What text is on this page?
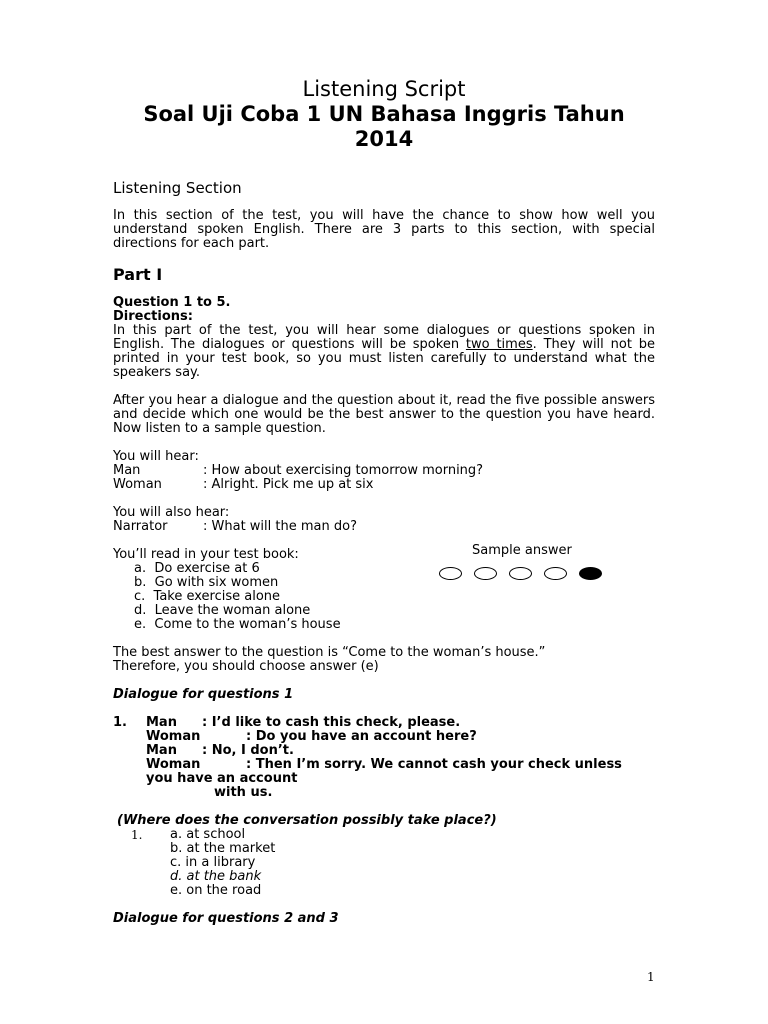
Listening Script
Soal Uji Coba 1 UN Bahasa Inggris Tahun
2014
Listening Section
In this section of the test, you will have the chance to show how well you understand spoken English. There are 3 parts to this section, with special directions for each part.
Part I
Question 1 to 5.
Directions:
In this part of the test, you will hear some dialogues or questions spoken in English. The dialogues or questions will be spoken two times. They will not be printed in your test book, so you must listen carefully to understand what the speakers say.
After you hear a dialogue and the question about it, read the five possible answers and decide which one would be the best answer to the question you have heard. Now listen to a sample question.
You will hear:
Man	: How about exercising tomorrow morning?
Woman	: Alright. Pick me up at six
You will also hear:
Narrator	: What will the man do?
You’ll read in your test book:
a.  Do exercise at 6
b.  Go with six women
c.  Take exercise alone
d.  Leave the woman alone
e.  Come to the woman’s house
Sample answer
The best answer to the question is “Come to the woman’s house.”
Therefore, you should choose answer (e)
Dialogue for questions 1
1. Man : I’d like to cash this check, please.
Woman	: Do you have an account here?
Man : No, I don’t.
Woman	: Then I’m sorry. We cannot cash your check unless
you have an account
with us.
(Where does the conversation possibly take place?)
1. a. at school
b. at the market
c. in a library
d. at the bank
e. on the road
Dialogue for questions 2 and 3
1
